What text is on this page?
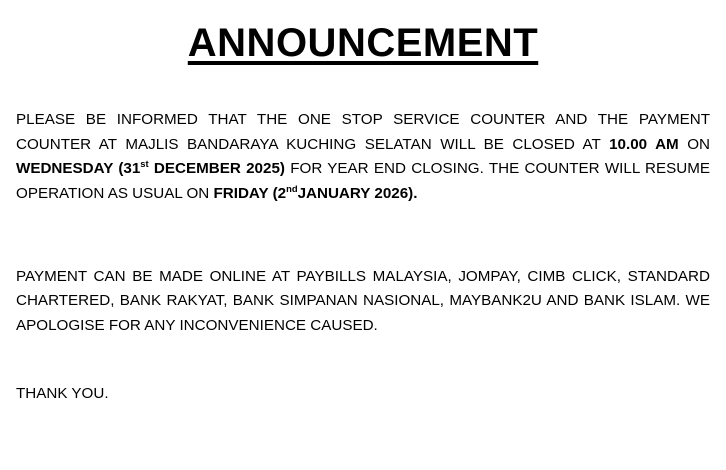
ANNOUNCEMENT

PLEASE BE INFORMED THAT THE ONE STOP SERVICE COUNTER AND THE PAYMENT COUNTER AT MAJLIS BANDARAYA KUCHING SELATAN WILL BE CLOSED AT 10.00 AM ON WEDNESDAY (31st DECEMBER 2025) FOR YEAR END CLOSING. THE COUNTER WILL RESUME OPERATION AS USUAL ON FRIDAY (2ndJANUARY 2026).

PAYMENT CAN BE MADE ONLINE AT PAYBILLS MALAYSIA, JOMPAY, CIMB CLICK, STANDARD CHARTERED, BANK RAKYAT, BANK SIMPANAN NASIONAL, MAYBANK2U AND BANK ISLAM. WE APOLOGISE FOR ANY INCONVENIENCE CAUSED.

THANK YOU.
